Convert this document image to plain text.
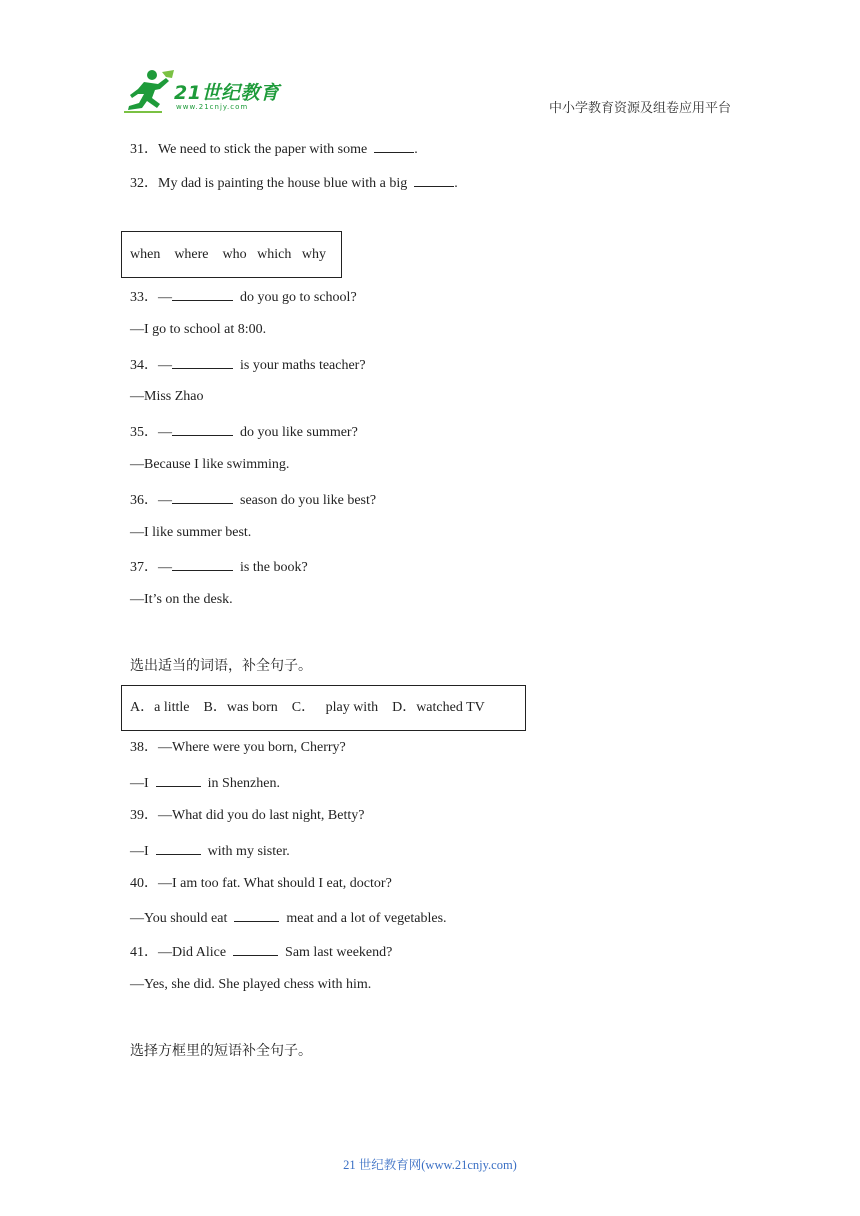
21世纪教育
www.21cnjy.com	中小学教育资源及组卷应用平台
31．We need to stick the paper with some	.
32．My dad is painting the house blue with a big	.
when    where    who   which   why
33．—	do you go to school?
—I go to school at 8:00.
34．—	is your maths teacher?
—Miss Zhao
35．—	do you like summer?
—Because I like swimming.
36．—	season do you like best?
—I like summer best.
37．—	is the book?
—It’s on the desk.
选出适当的词语，补全句子。
A．a little    B．was born    C．   play with    D．watched TV
38．—Where were you born, Cherry?
—I	in Shenzhen.
39．—What did you do last night, Betty?
—I	with my sister.
40．—I am too fat. What should I eat, doctor?
—You should eat	meat and a lot of vegetables.
41．—Did Alice	Sam last weekend?
—Yes, she did. She played chess with him.
选择方框里的短语补全句子。
21 世纪教育网(www.21cnjy.com)
